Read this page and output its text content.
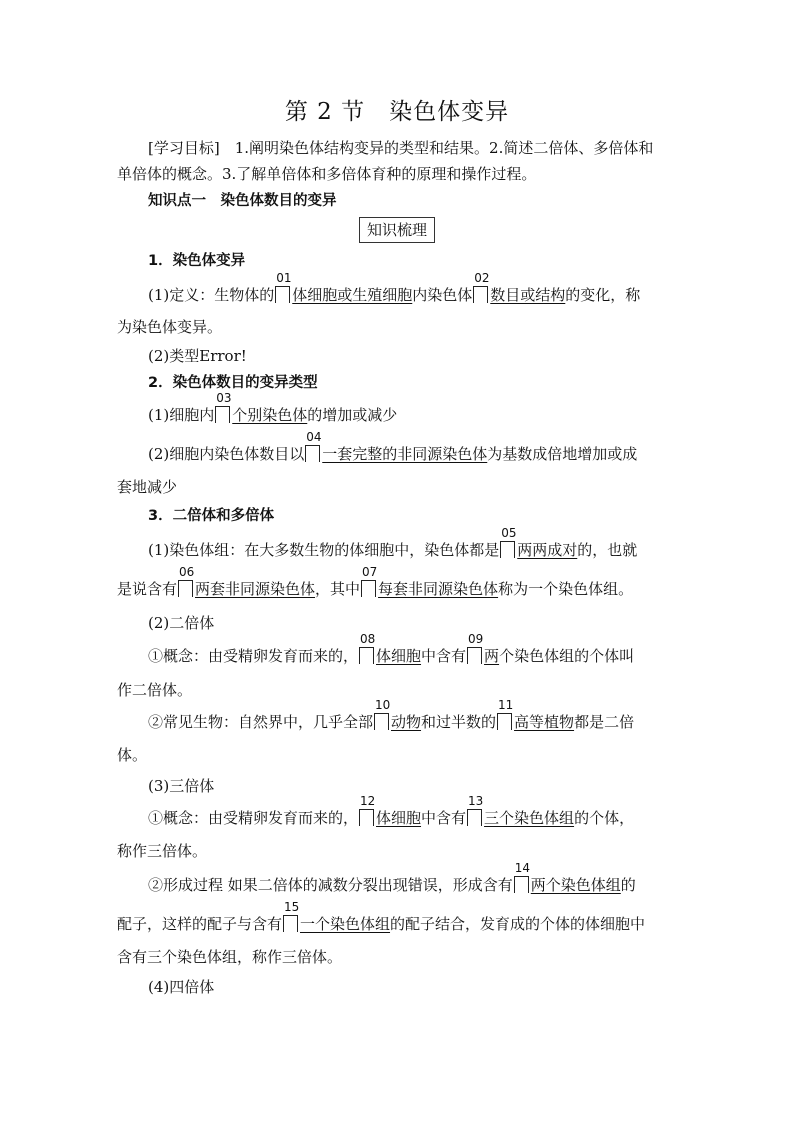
第 2 节　染色体变异
[学习目标]　 1.阐明染色体结构变异的类型和结果。2.简述二倍体、多倍体和
单倍体的概念。3.了解单倍体和多倍体育种的原理和操作过程。
知识点一　染色体数目的变异
知识梳理
1．染色体变异
(1)定义：生物体的
01
体细胞或生殖细胞内染色体
02
数目或结构的变化，称
为染色体变异。
(2)类型Error!
2．染色体数目的变异类型
(1)细胞内
03
个别染色体的增加或减少
(2)细胞内染色体数目以
04
一套完整的非同源染色体为基数成倍地增加或成
套地减少
3．二倍体和多倍体
(1)染色体组：在大多数生物的体细胞中，染色体都是
05
两两成对的，也就
是说含有
06
两套非同源染色体，其中
07
每套非同源染色体称为一个染色体组。
(2)二倍体
①概念：由受精卵发育而来的，
08
体细胞中含有
09
两个染色体组的个体叫
作二倍体。
②常见生物：自然界中，几乎全部
10
动物和过半数的
11
高等植物都是二倍
体。
(3)三倍体
①概念：由受精卵发育而来的，
12
体细胞中含有
13
三个染色体组的个体，
称作三倍体。
②形成过程 如果二倍体的减数分裂出现错误，形成含有
14
两个染色体组的
配子，这样的配子与含有
15
一个染色体组的配子结合，发育成的个体的体细胞中
含有三个染色体组，称作三倍体。
(4)四倍体
